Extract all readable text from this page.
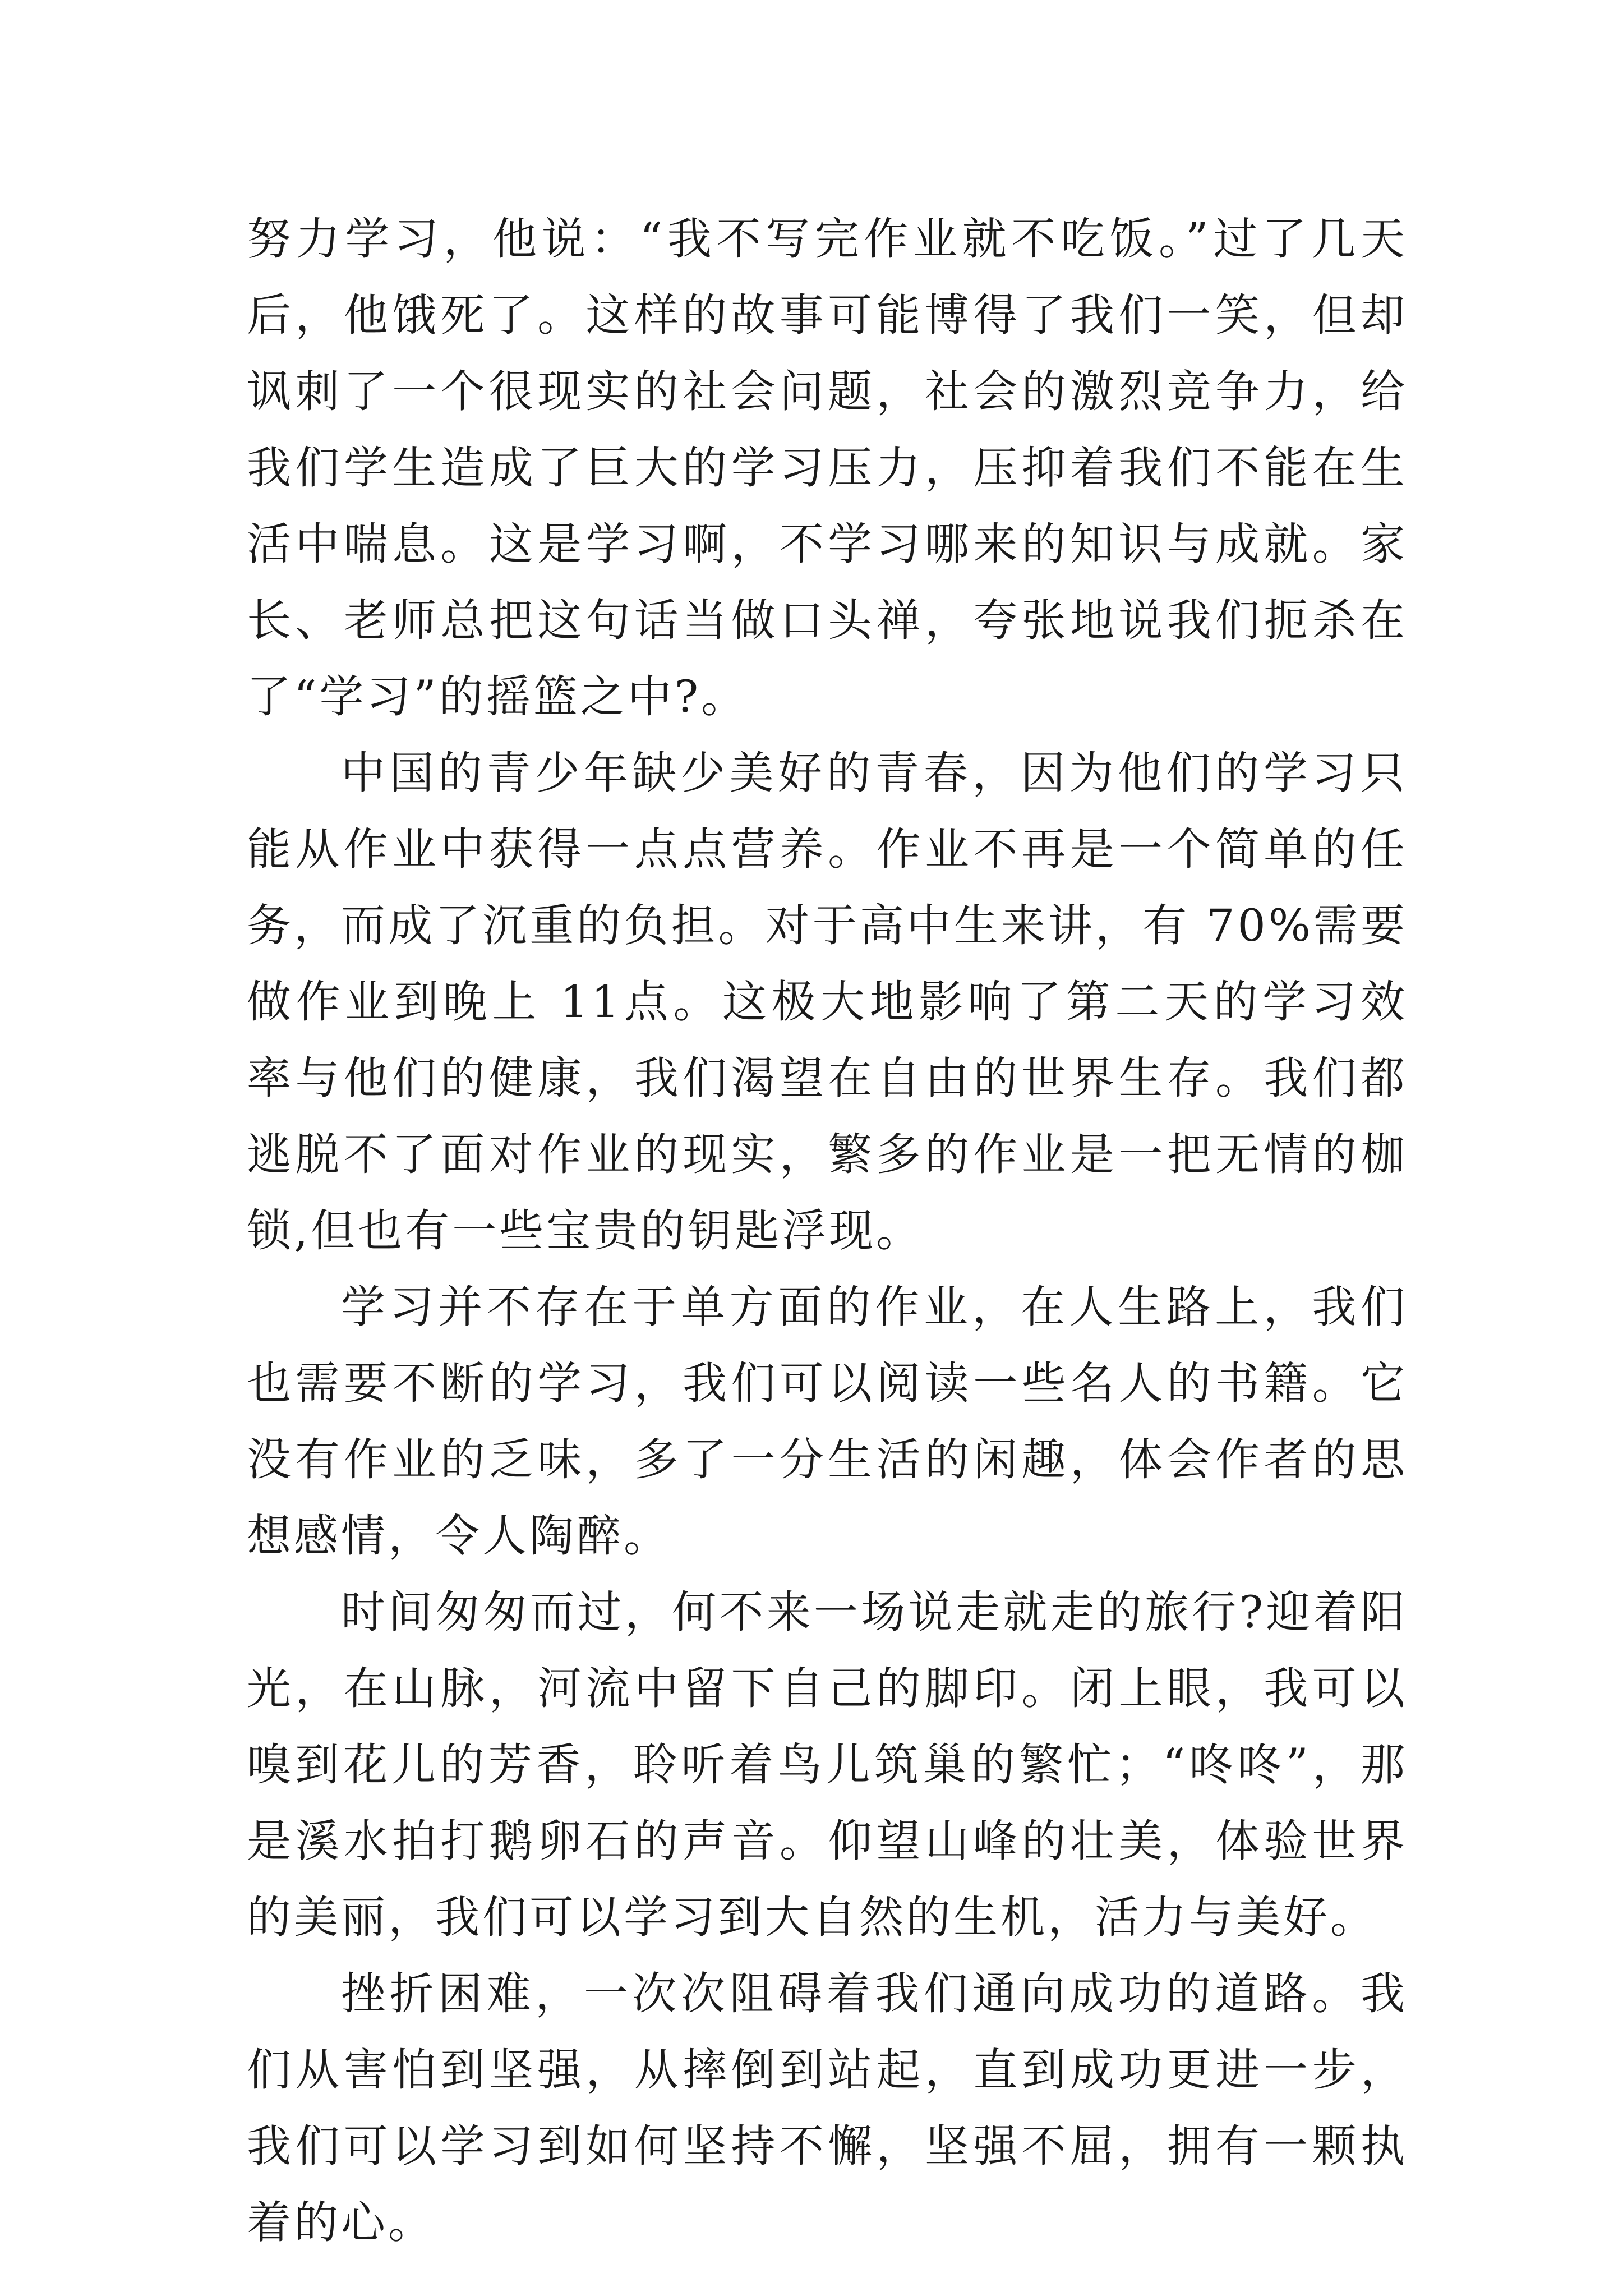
努力学习，他说：“我不写完作业就不吃饭。”过了几天后，他饿死了。这样的故事可能博得了我们一笑，但却讽刺了一个很现实的社会问题，社会的激烈竞争力，给我们学生造成了巨大的学习压力，压抑着我们不能在生活中喘息。这是学习啊，不学习哪来的知识与成就。家长、老师总把这句话当做口头禅，夸张地说我们扼杀在了“学习”的摇篮之中?。

中国的青少年缺少美好的青春，因为他们的学习只能从作业中获得一点点营养。作业不再是一个简单的任务，而成了沉重的负担。对于高中生来讲，有 70%需要做作业到晚上 11点。这极大地影响了第二天的学习效率与他们的健康，我们渴望在自由的世界生存。我们都逃脱不了面对作业的现实，繁多的作业是一把无情的枷锁,但也有一些宝贵的钥匙浮现。

学习并不存在于单方面的作业，在人生路上，我们也需要不断的学习，我们可以阅读一些名人的书籍。它没有作业的乏味，多了一分生活的闲趣，体会作者的思想感情，令人陶醉。

时间匆匆而过，何不来一场说走就走的旅行?迎着阳光，在山脉，河流中留下自己的脚印。闭上眼，我可以嗅到花儿的芳香，聆听着鸟儿筑巢的繁忙；“咚咚”，那是溪水拍打鹅卵石的声音。仰望山峰的壮美，体验世界的美丽，我们可以学习到大自然的生机，活力与美好。

挫折困难，一次次阻碍着我们通向成功的道路。我们从害怕到坚强，从摔倒到站起，直到成功更进一步，我们可以学习到如何坚持不懈，坚强不屈，拥有一颗执着的心。
